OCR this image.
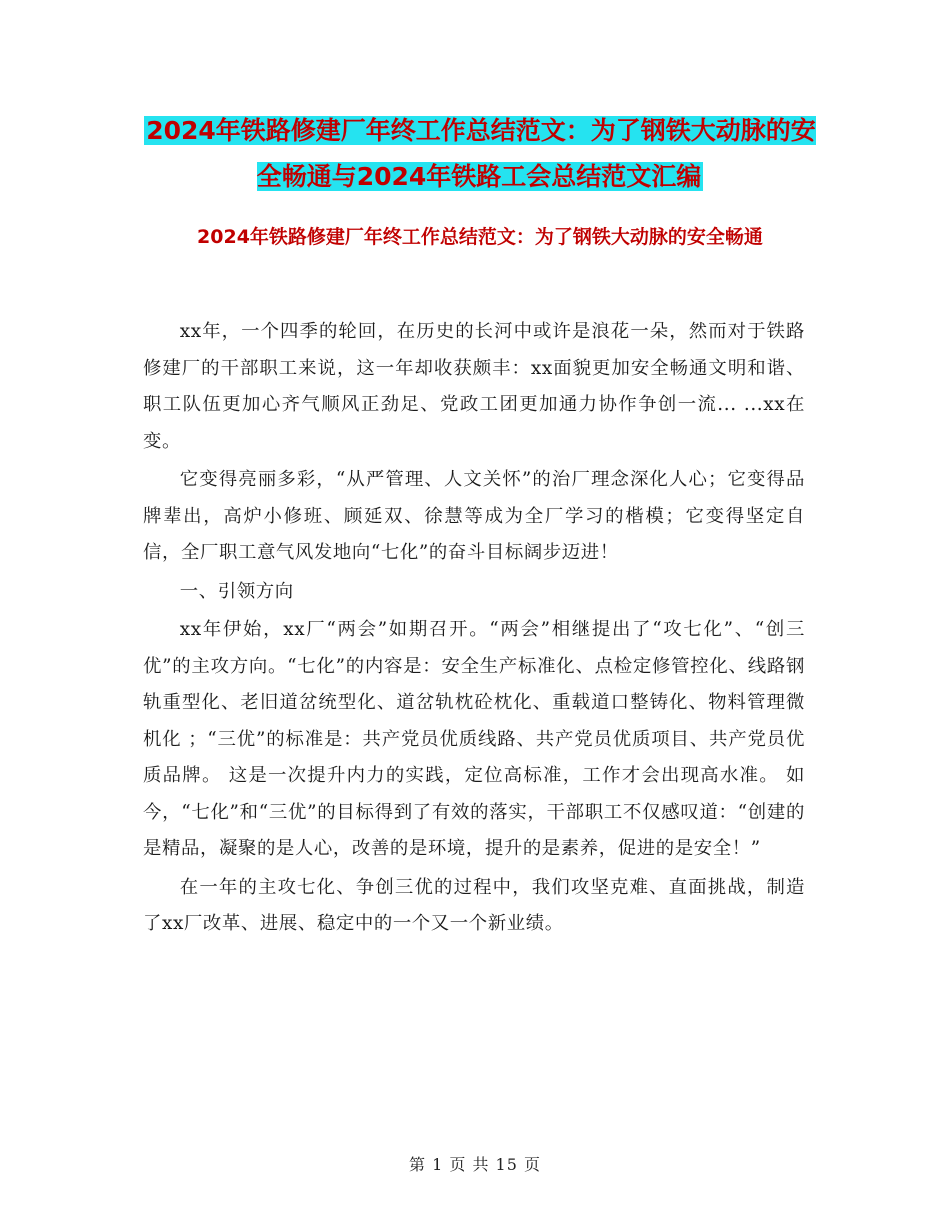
2024年铁路修建厂年终工作总结范文：为了钢铁大动脉的安全畅通与2024年铁路工会总结范文汇编
2024年铁路修建厂年终工作总结范文：为了钢铁大动脉的安全畅通

xx年，一个四季的轮回，在历史的长河中或许是浪花一朵，然而对于铁路修建厂的干部职工来说，这一年却收获颇丰：xx面貌更加安全畅通文明和谐、职工队伍更加心齐气顺风正劲足、党政工团更加通力协作争创一流... ...xx在变。

它变得亮丽多彩，“从严管理、人文关怀”的治厂理念深化人心；它变得品牌辈出，高炉小修班、顾延双、徐慧等成为全厂学习的楷模；它变得坚定自信，全厂职工意气风发地向“七化”的奋斗目标阔步迈进！

一、引领方向

xx年伊始，xx厂“两会”如期召开。“两会”相继提出了“攻七化”、“创三优”的主攻方向。“七化”的内容是：安全生产标准化、点检定修管控化、线路钢轨重型化、老旧道岔统型化、道岔轨枕砼枕化、重载道口整铸化、物料管理微机化 ；“三优”的标准是：共产党员优质线路、共产党员优质项目、共产党员优质品牌。 这是一次提升内力的实践，定位高标准，工作才会出现高水准。 如今，“七化”和“三优”的目标得到了有效的落实，干部职工不仅感叹道：“创建的是精品，凝聚的是人心，改善的是环境，提升的是素养，促进的是安全！”

在一年的主攻七化、争创三优的过程中，我们攻坚克难、直面挑战，制造了xx厂改革、进展、稳定中的一个又一个新业绩。

第 1 页 共 15 页
